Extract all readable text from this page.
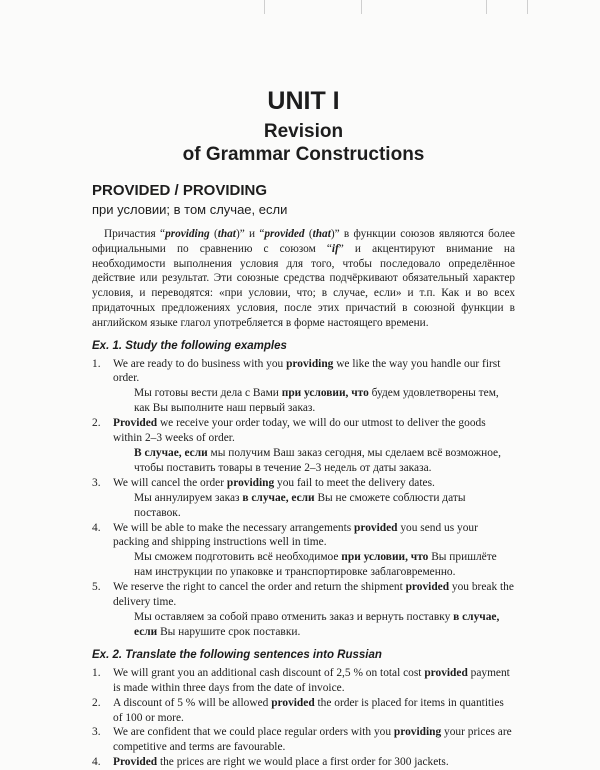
UNIT I
Revision
of Grammar Constructions
PROVIDED / PROVIDING
при условии; в том случае, если

Причастия “providing (that)” и “provided (that)” в функции союзов являются более официальными по сравнению с союзом “if” и акцентируют внимание на необходимости выполнения условия для того, чтобы последовало определённое действие или результат. Эти союзные средства подчёркивают обязательный характер условия, и переводятся: «при условии, что; в случае, если» и т.п. Как и во всех придаточных предложениях условия, после этих причастий в союзной функции в английском языке глагол употребляется в форме настоящего времени.

Ex. 1. Study the following examples
1. We are ready to do business with you providing we like the way you handle our first order.
Мы готовы вести дела с Вами при условии, что будем удовлетворены тем, как Вы выполните наш первый заказ.
2. Provided we receive your order today, we will do our utmost to deliver the goods within 2–3 weeks of order.
В случае, если мы получим Ваш заказ сегодня, мы сделаем всё возможное, чтобы поставить товары в течение 2–3 недель от даты заказа.
3. We will cancel the order providing you fail to meet the delivery dates.
Мы аннулируем заказ в случае, если Вы не сможете соблюсти даты поставок.
4. We will be able to make the necessary arrangements provided you send us your packing and shipping instructions well in time.
Мы сможем подготовить всё необходимое при условии, что Вы пришлёте нам инструкции по упаковке и транспортировке заблаговременно.
5. We reserve the right to cancel the order and return the shipment provided you break the delivery time.
Мы оставляем за собой право отменить заказ и вернуть поставку в случае, если Вы нарушите срок поставки.
Ex. 2. Translate the following sentences into Russian
1. We will grant you an additional cash discount of 2,5 % on total cost provided payment is made within three days from the date of invoice.
2. A discount of 5 % will be allowed provided the order is placed for items in quantities of 100 or more.
3. We are confident that we could place regular orders with you providing your prices are competitive and terms are favourable.
4. Provided the prices are right we would place a first order for 300 jackets.
